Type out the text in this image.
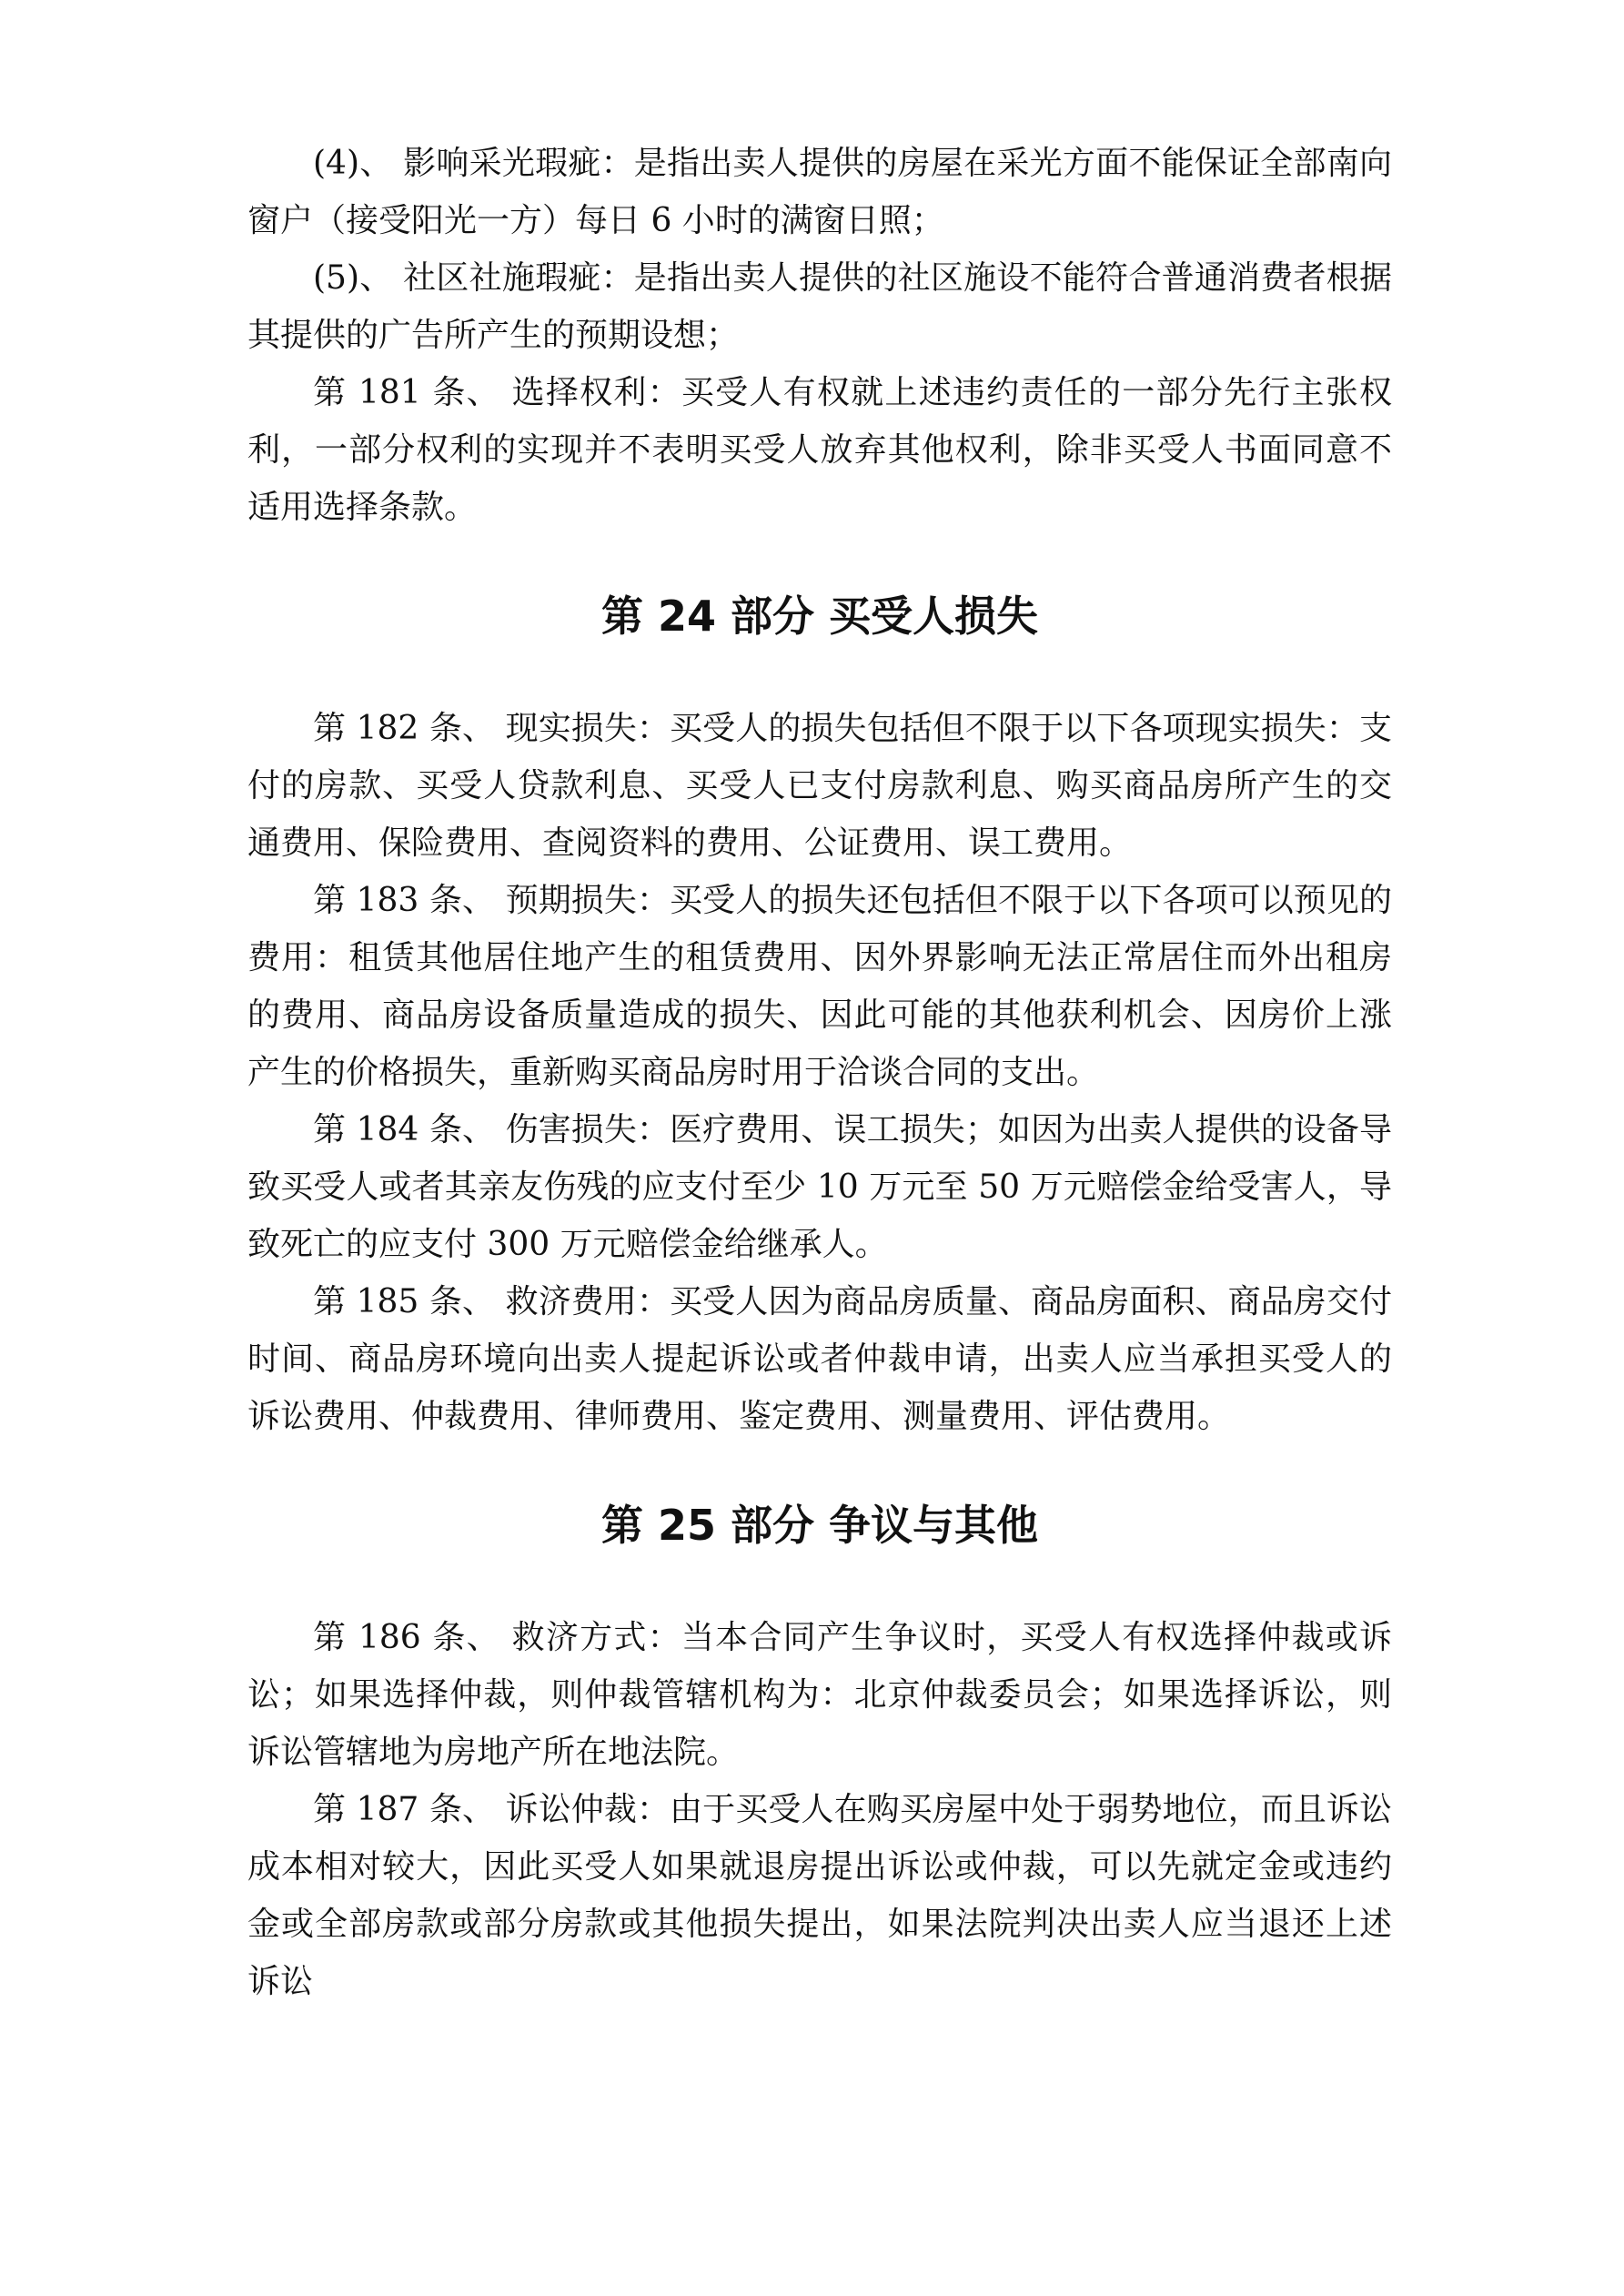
(4)、 影响采光瑕疵：是指出卖人提供的房屋在采光方面不能保证全部南向窗户（接受阳光一方）每日 6 小时的满窗日照；

(5)、 社区社施瑕疵：是指出卖人提供的社区施设不能符合普通消费者根据其提供的广告所产生的预期设想；

第 181 条、 选择权利：买受人有权就上述违约责任的一部分先行主张权利，一部分权利的实现并不表明买受人放弃其他权利，除非买受人书面同意不适用选择条款。

第 24 部分 买受人损失

第 182 条、 现实损失：买受人的损失包括但不限于以下各项现实损失：支付的房款、买受人贷款利息、买受人已支付房款利息、购买商品房所产生的交通费用、保险费用、查阅资料的费用、公证费用、误工费用。

第 183 条、 预期损失：买受人的损失还包括但不限于以下各项可以预见的费用：租赁其他居住地产生的租赁费用、因外界影响无法正常居住而外出租房的费用、商品房设备质量造成的损失、因此可能的其他获利机会、因房价上涨产生的价格损失，重新购买商品房时用于洽谈合同的支出。

第 184 条、 伤害损失：医疗费用、误工损失；如因为出卖人提供的设备导致买受人或者其亲友伤残的应支付至少 10 万元至 50 万元赔偿金给受害人，导致死亡的应支付 300 万元赔偿金给继承人。

第 185 条、 救济费用：买受人因为商品房质量、商品房面积、商品房交付时间、商品房环境向出卖人提起诉讼或者仲裁申请，出卖人应当承担买受人的诉讼费用、仲裁费用、律师费用、鉴定费用、测量费用、评估费用。

第 25 部分 争议与其他

第 186 条、 救济方式：当本合同产生争议时，买受人有权选择仲裁或诉讼；如果选择仲裁，则仲裁管辖机构为：北京仲裁委员会；如果选择诉讼，则诉讼管辖地为房地产所在地法院。

第 187 条、 诉讼仲裁：由于买受人在购买房屋中处于弱势地位，而且诉讼成本相对较大，因此买受人如果就退房提出诉讼或仲裁，可以先就定金或违约金或全部房款或部分房款或其他损失提出，如果法院判决出卖人应当退还上述诉讼
